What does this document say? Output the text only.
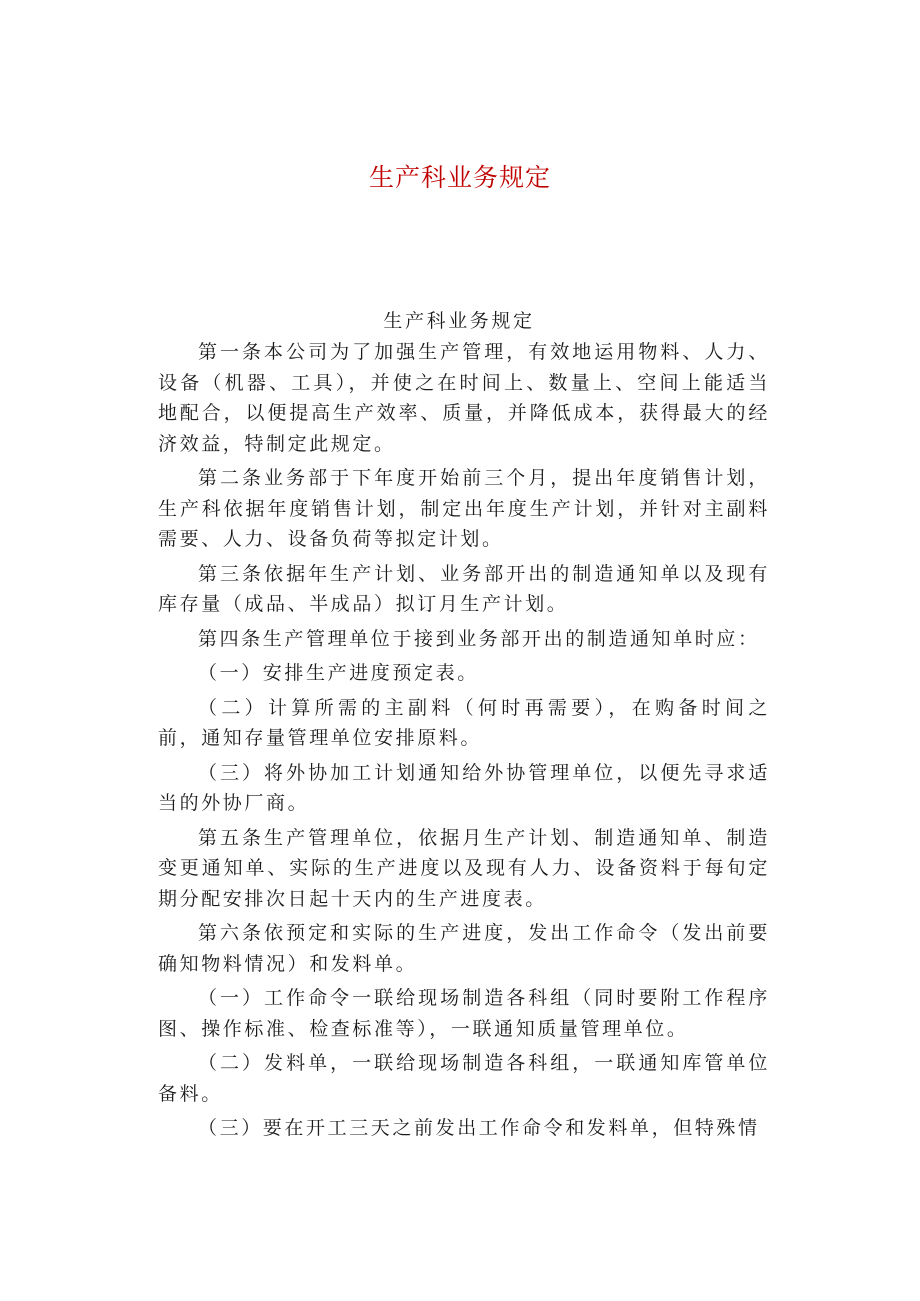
生产科业务规定
生产科业务规定

第一条本公司为了加强生产管理，有效地运用物料、人力、设备（机器、工具），并使之在时间上、数量上、空间上能适当地配合，以便提高生产效率、质量，并降低成本，获得最大的经济效益，特制定此规定。

第二条业务部于下年度开始前三个月，提出年度销售计划，生产科依据年度销售计划，制定出年度生产计划，并针对主副料需要、人力、设备负荷等拟定计划。

第三条依据年生产计划、业务部开出的制造通知单以及现有库存量（成品、半成品）拟订月生产计划。

第四条生产管理单位于接到业务部开出的制造通知单时应：

（一）安排生产进度预定表。

（二）计算所需的主副料（何时再需要），在购备时间之前，通知存量管理单位安排原料。

（三）将外协加工计划通知给外协管理单位，以便先寻求适当的外协厂商。

第五条生产管理单位，依据月生产计划、制造通知单、制造变更通知单、实际的生产进度以及现有人力、设备资料于每旬定期分配安排次日起十天内的生产进度表。

第六条依预定和实际的生产进度，发出工作命令（发出前要确知物料情况）和发料单。

（一）工作命令一联给现场制造各科组（同时要附工作程序图、操作标准、检查标准等），一联通知质量管理单位。

（二）发料单，一联给现场制造各科组，一联通知库管单位备料。

（三）要在开工三天之前发出工作命令和发料单，但特殊情
